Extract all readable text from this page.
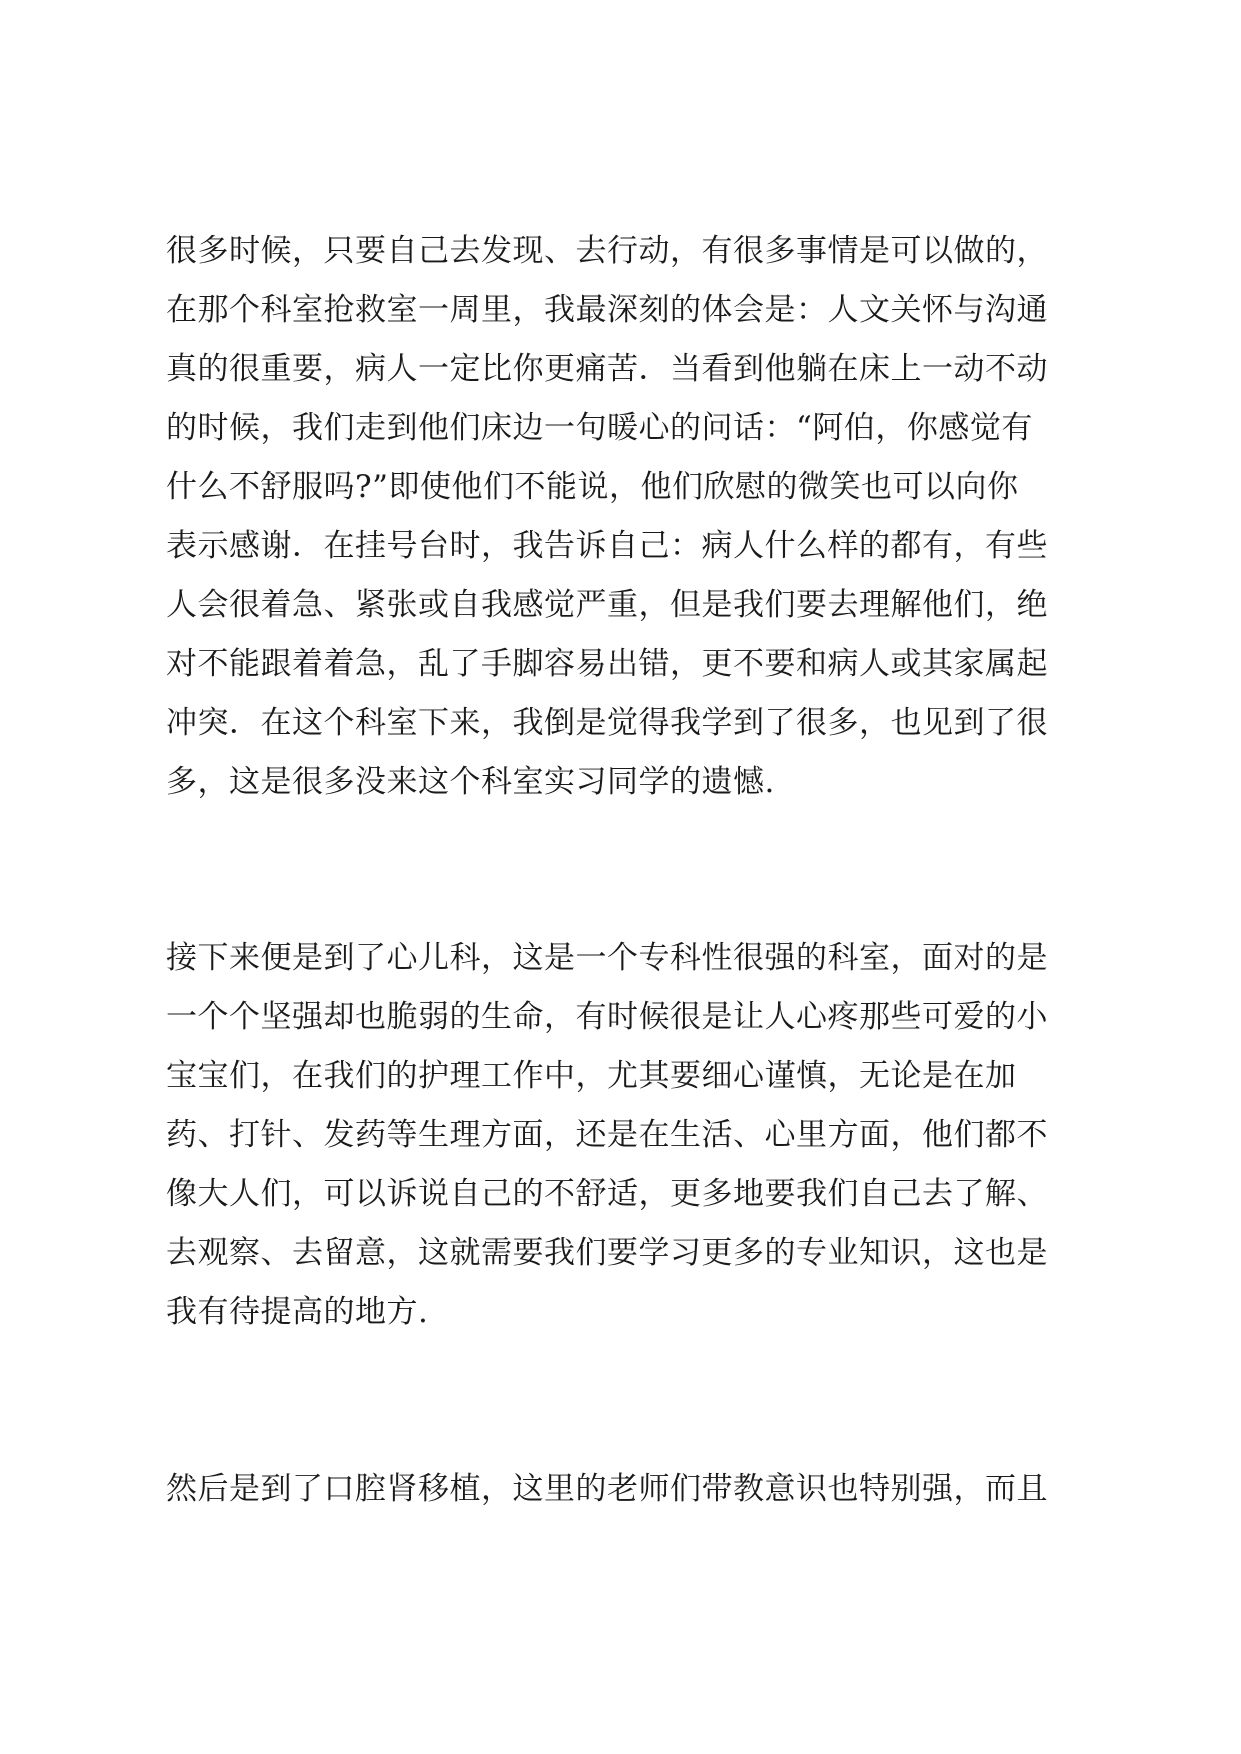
很多时候，只要自己去发现、去行动，有很多事情是可以做的，
在那个科室抢救室一周里，我最深刻的体会是：人文关怀与沟通
真的很重要，病人一定比你更痛苦．当看到他躺在床上一动不动
的时候，我们走到他们床边一句暖心的问话：“阿伯，你感觉有
什么不舒服吗?”即使他们不能说，他们欣慰的微笑也可以向你
表示感谢．在挂号台时，我告诉自己：病人什么样的都有，有些
人会很着急、紧张或自我感觉严重，但是我们要去理解他们，绝
对不能跟着着急，乱了手脚容易出错，更不要和病人或其家属起
冲突．在这个科室下来，我倒是觉得我学到了很多，也见到了很
多，这是很多没来这个科室实习同学的遗憾.
接下来便是到了心儿科，这是一个专科性很强的科室，面对的是
一个个坚强却也脆弱的生命，有时候很是让人心疼那些可爱的小
宝宝们，在我们的护理工作中，尤其要细心谨慎，无论是在加
药、打针、发药等生理方面，还是在生活、心里方面，他们都不
像大人们，可以诉说自己的不舒适，更多地要我们自己去了解、
去观察、去留意，这就需要我们要学习更多的专业知识，这也是
我有待提高的地方.
然后是到了口腔肾移植，这里的老师们带教意识也特别强，而且
